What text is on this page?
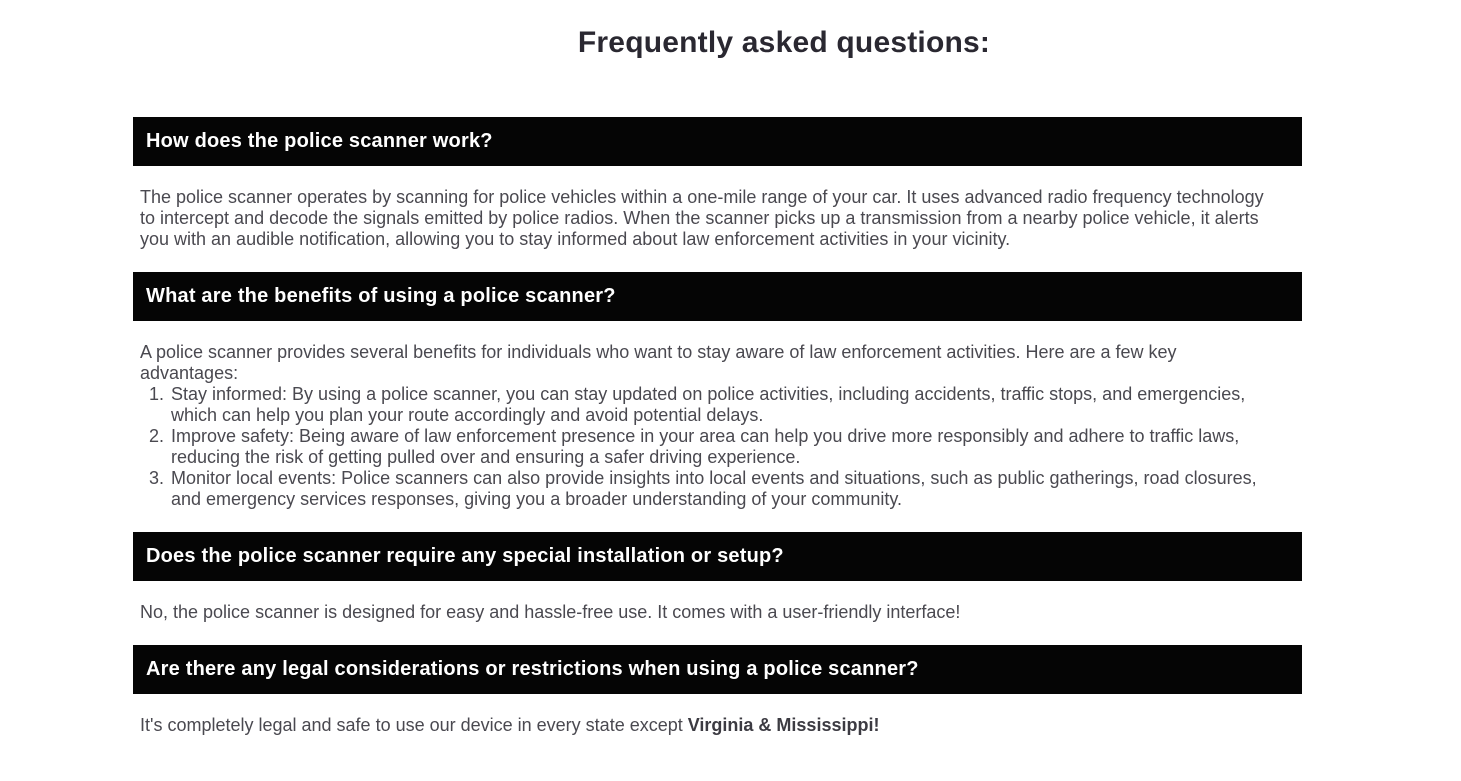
Frequently asked questions:
How does the police scanner work?

The police scanner operates by scanning for police vehicles within a one-mile range of your car. It uses advanced radio frequency technology to intercept and decode the signals emitted by police radios. When the scanner picks up a transmission from a nearby police vehicle, it alerts you with an audible notification, allowing you to stay informed about law enforcement activities in your vicinity.

What are the benefits of using a police scanner?

A police scanner provides several benefits for individuals who want to stay aware of law enforcement activities. Here are a few key advantages:

1. Stay informed: By using a police scanner, you can stay updated on police activities, including accidents, traffic stops, and emergencies, which can help you plan your route accordingly and avoid potential delays.
2. Improve safety: Being aware of law enforcement presence in your area can help you drive more responsibly and adhere to traffic laws, reducing the risk of getting pulled over and ensuring a safer driving experience.
3. Monitor local events: Police scanners can also provide insights into local events and situations, such as public gatherings, road closures, and emergency services responses, giving you a broader understanding of your community.
Does the police scanner require any special installation or setup?

No, the police scanner is designed for easy and hassle-free use. It comes with a user-friendly interface!

Are there any legal considerations or restrictions when using a police scanner?

It's completely legal and safe to use our device in every state except Virginia & Mississippi!
